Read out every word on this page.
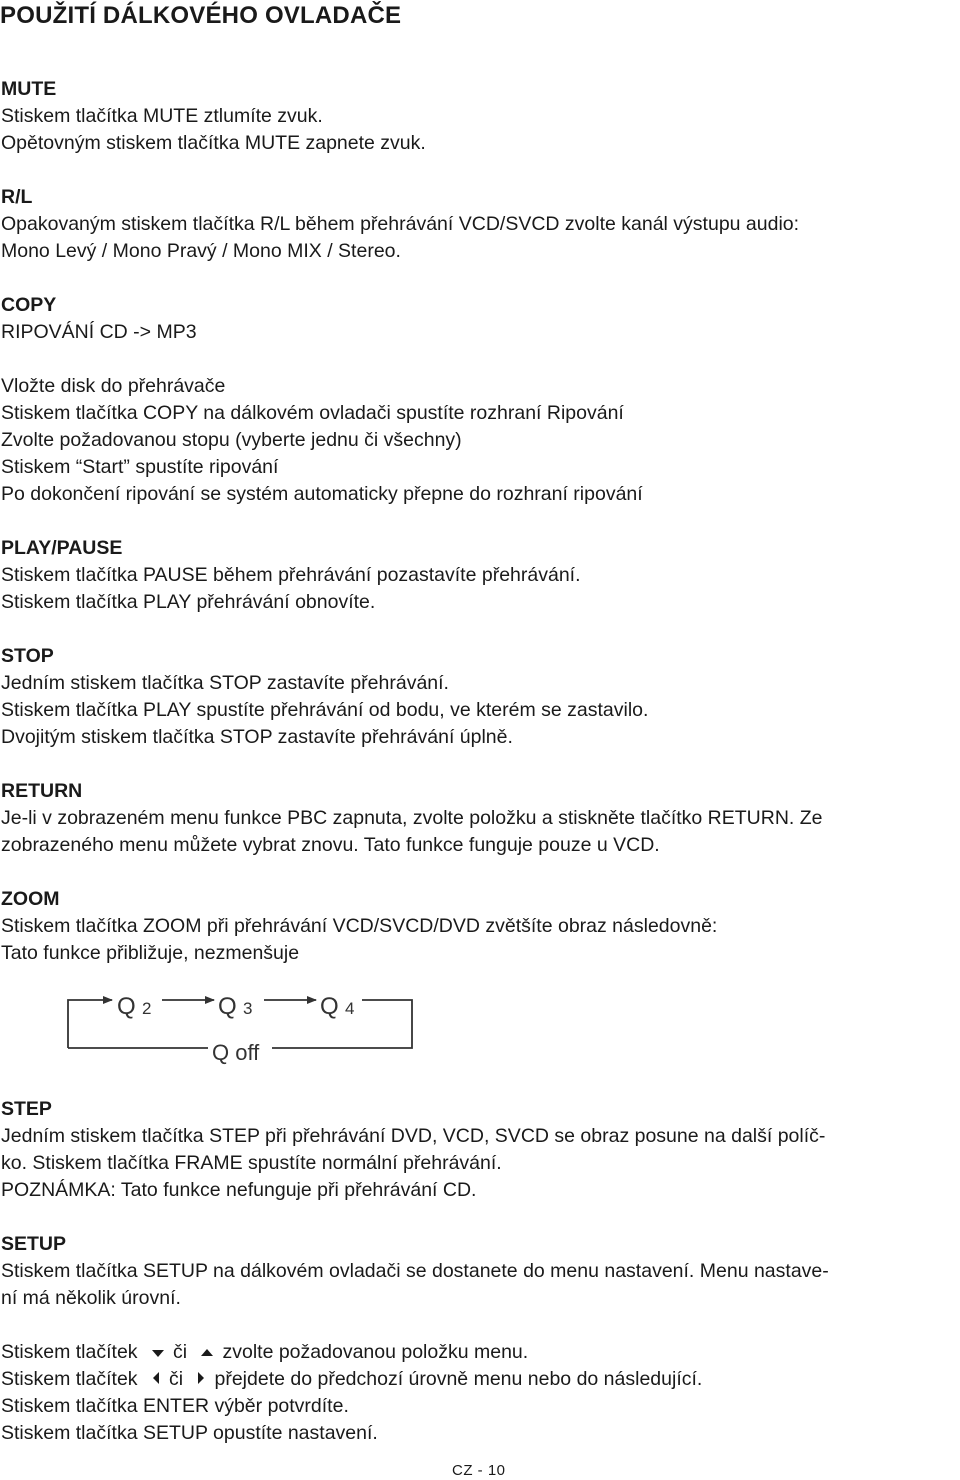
POUŽITÍ DÁLKOVÉHO OVLADAČE
MUTE
Stiskem tlačítka MUTE ztlumíte zvuk.
Opětovným stiskem tlačítka MUTE zapnete zvuk.
R/L
Opakovaným stiskem tlačítka R/L během přehrávání VCD/SVCD zvolte kanál výstupu audio:
Mono Levý / Mono Pravý / Mono MIX / Stereo.
COPY
RIPOVÁNÍ CD -> MP3
Vložte disk do přehrávače
Stiskem tlačítka COPY na dálkovém ovladači spustíte rozhraní Ripování
Zvolte požadovanou stopu (vyberte jednu či všechny)
Stiskem “Start” spustíte ripování
Po dokončení ripování se systém automaticky přepne do rozhraní ripování
PLAY/PAUSE
Stiskem tlačítka PAUSE během přehrávání pozastavíte přehrávání.
Stiskem tlačítka PLAY přehrávání obnovíte.
STOP
Jedním stiskem tlačítka STOP zastavíte přehrávání.
Stiskem tlačítka PLAY spustíte přehrávání od bodu, ve kterém se zastavilo.
Dvojitým stiskem tlačítka STOP zastavíte přehrávání úplně.
RETURN
Je-li v zobrazeném menu funkce PBC zapnuta, zvolte položku a stiskněte tlačítko RETURN. Ze
zobrazeného menu můžete vybrat znovu. Tato funkce funguje pouze u VCD.
ZOOM
Stiskem tlačítka ZOOM při přehrávání VCD/SVCD/DVD zvětšíte obraz následovně:
Tato funkce přibližuje, nezmenšuje
STEP
Jedním stiskem tlačítka STEP při přehrávání DVD, VCD, SVCD se obraz posune na další políč-
ko. Stiskem tlačítka FRAME spustíte normální přehrávání.
POZNÁMKA: Tato funkce nefunguje při přehrávání CD.
SETUP
Stiskem tlačítka SETUP na dálkovém ovladači se dostanete do menu nastavení. Menu nastave-
ní má několik úrovní.
Stiskem tlačítek či zvolte požadovanou položku menu.
Stiskem tlačítek či přejdete do předchozí úrovně menu nebo do následující.
Stiskem tlačítka ENTER výběr potvrdíte.
Stiskem tlačítka SETUP opustíte nastavení.
Q 2	Q 3	Q 4
Q off
CZ - 10
